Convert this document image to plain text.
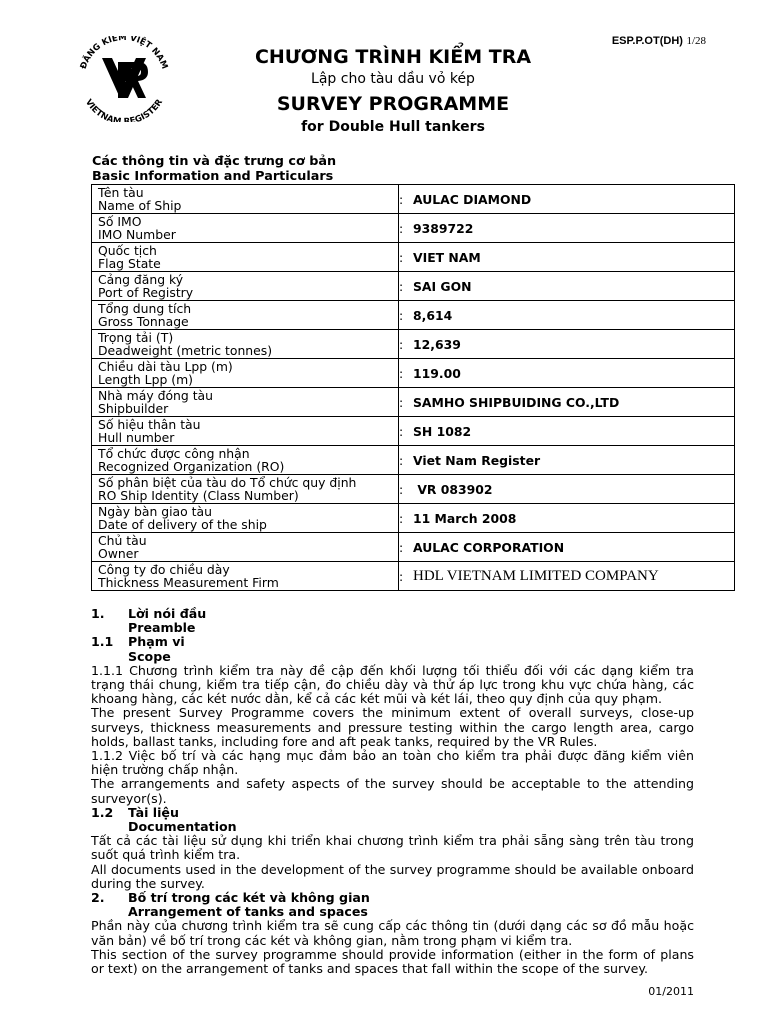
ESP.P.OT(DH) 1/28
ĐĂNG KIỂM VIỆT NAM
VIETNAM REGISTER
CHƯƠNG TRÌNH KIỂM TRA
Lập cho tàu dầu vỏ kép
SURVEY PROGRAMME
for Double Hull tankers
Các thông tin và đặc trưng cơ bản
Basic Information and Particulars
Tên tàu
Name of Ship	:	AULAC DIAMOND

Số IMO
IMO Number	:	9389722

Quốc tịch
Flag State	:	VIET NAM

Cảng đăng ký
Port of Registry	:	SAI GON

Tổng dung tích
Gross Tonnage	:	8,614

Trọng tải (T)
Deadweight (metric tonnes)	:	12,639

Chiều dài tàu Lpp (m)
Length Lpp (m)	:	119.00

Nhà máy đóng tàu
Shipbuilder	:	SAMHO SHIPBUIDING CO.,LTD

Số hiệu thân tàu
Hull number	:	SH 1082

Tổ chức được công nhận
Recognized Organization (RO)	:	Viet Nam Register

Số phân biệt của tàu do Tổ chức quy định
RO Ship Identity (Class Number)	:	VR 083902

Ngày bàn giao tàu
Date of delivery of the ship	:	11 March 2008

Chủ tàu
Owner	:	AULAC CORPORATION

Công ty đo chiều dày
Thickness Measurement Firm	:	HDL VIETNAM LIMITED COMPANY
1.	Lời nói đầu
Preamble
1.1	Phạm vi
Scope

1.1.1 Chương trình kiểm tra này đề cập đến khối lượng tối thiểu đối với các dạng kiểm tra trạng thái chung, kiểm tra tiếp cận, đo chiều dày và thử áp lực trong khu vực chứa hàng, các khoang hàng, các két nước dằn, kể cả các két mũi và két lái, theo quy định của quy phạm.

The present Survey Programme covers the minimum extent of overall surveys, close-up surveys, thickness measurements and pressure testing within the cargo length area, cargo holds, ballast tanks, including fore and aft peak tanks, required by the VR Rules.

1.1.2 Việc bố trí và các hạng mục đảm bảo an toàn cho kiểm tra phải được đăng kiểm viên hiện trường chấp nhận.

The arrangements and safety aspects of the survey should be acceptable to the attending surveyor(s).

1.2	Tài liệu
Documentation

Tất cả các tài liệu sử dụng khi triển khai chương trình kiểm tra phải sẵng sàng trên tàu trong suốt quá trình kiểm tra.

All documents used in the development of the survey programme should be available onboard during the survey.

2.	Bố trí trong các két và không gian
Arrangement of tanks and spaces

Phần này của chương trình kiểm tra sẽ cung cấp các thông tin (dưới dạng các sơ đồ mẫu hoặc văn bản) về bố trí trong các két và không gian, nằm trong phạm vi kiểm tra.

This section of the survey programme should provide information (either in the form of plans or text) on the arrangement of tanks and spaces that fall within the scope of the survey.

01/2011
